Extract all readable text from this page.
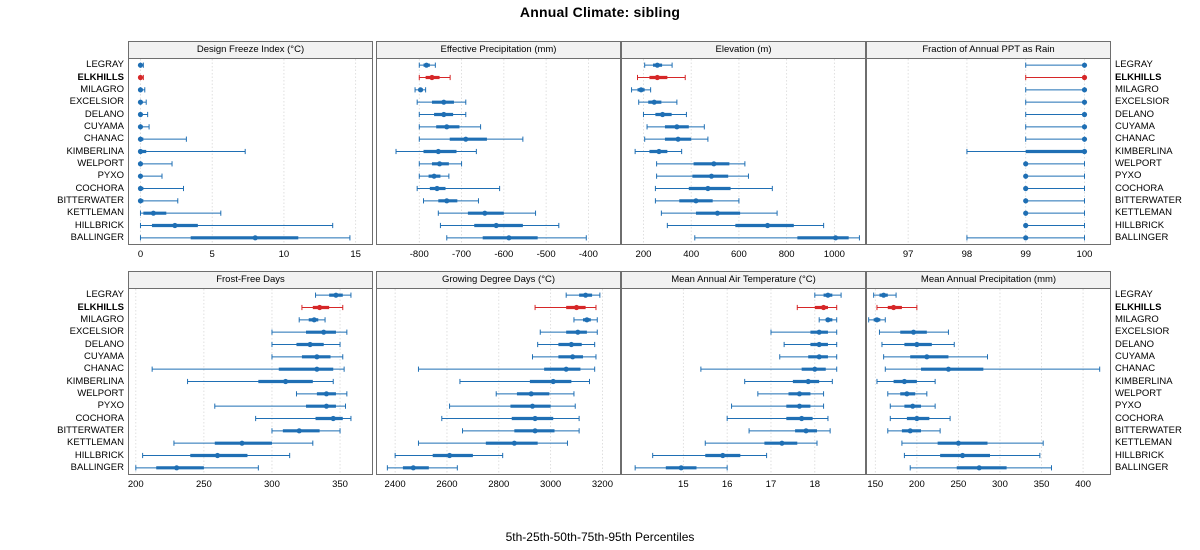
Annual Climate: sibling
5th-25th-50th-75th-95th Percentiles
Design Freeze Index (°C)
0	5	10	15
Effective Precipitation (mm)
-800 -700 -600 -500 -400
Elevation (m)
200	400	600	800	1000
Fraction of Annual PPT as Rain
97	98	99	100
Frost-Free Days
200	250	300	350
Growing Degree Days (°C)
2400	2600	2800	3000	3200
Mean Annual Air Temperature (°C)
15	16	17	18
Mean Annual Precipitation (mm)
150	200	250	300	350	400
LEGRAY
ELKHILLS
MILAGRO
EXCELSIOR
DELANO
CUYAMA
CHANAC
KIMBERLINA
WELPORT
PYXO
COCHORA
BITTERWATER
KETTLEMAN
HILLBRICK
BALLINGER
LEGRAY
ELKHILLS
MILAGRO
EXCELSIOR
DELANO
CUYAMA
CHANAC
KIMBERLINA
WELPORT
PYXO
COCHORA
BITTERWATER
KETTLEMAN
HILLBRICK
BALLINGER
LEGRAY
ELKHILLS
MILAGRO
EXCELSIOR
DELANO
CUYAMA
CHANAC
KIMBERLINA
WELPORT
PYXO
COCHORA
BITTERWATER
KETTLEMAN
HILLBRICK
BALLINGER
LEGRAY
ELKHILLS
MILAGRO
EXCELSIOR
DELANO
CUYAMA
CHANAC
KIMBERLINA
WELPORT
PYXO
COCHORA
BITTERWATER
KETTLEMAN
HILLBRICK
BALLINGER
